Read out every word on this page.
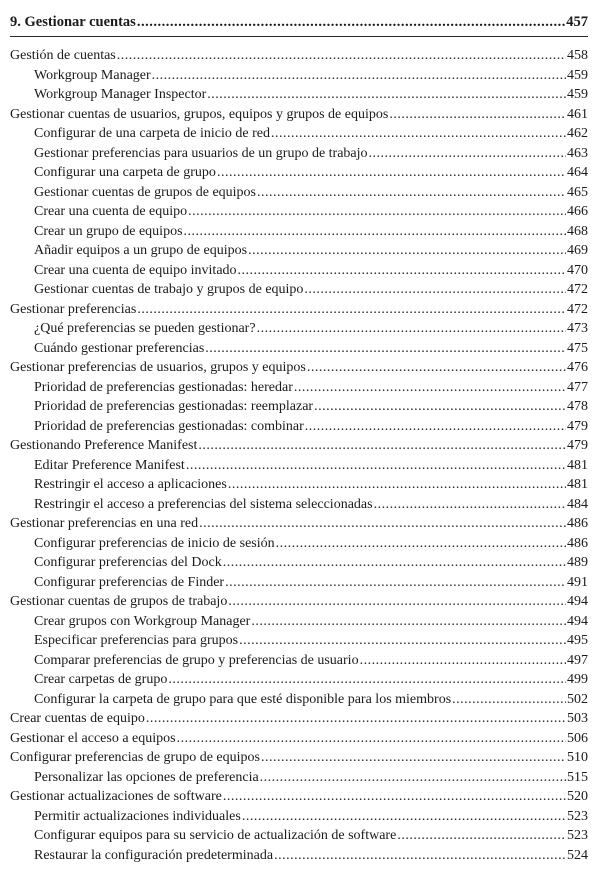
9. Gestionar cuentas .....	457
Gestión de cuentas .....	458
Workgroup Manager .....	459
Workgroup Manager Inspector .....	459
Gestionar cuentas de usuarios, grupos, equipos y grupos de equipos .....	461
Configurar de una carpeta de inicio de red .....	462
Gestionar preferencias para usuarios de un grupo de trabajo .....	463
Configurar una carpeta de grupo .....	464
Gestionar cuentas de grupos de equipos .....	465
Crear una cuenta de equipo .....	466
Crear un grupo de equipos .....	468
Añadir equipos a un grupo de equipos .....	469
Crear una cuenta de equipo invitado .....	470
Gestionar cuentas de trabajo y grupos de equipo .....	472
Gestionar preferencias .....	472
¿Qué preferencias se pueden gestionar? .....	473
Cuándo gestionar preferencias .....	475
Gestionar preferencias de usuarios, grupos y equipos .....	476
Prioridad de preferencias gestionadas: heredar .....	477
Prioridad de preferencias gestionadas: reemplazar .....	478
Prioridad de preferencias gestionadas: combinar .....	479
Gestionando Preference Manifest .....	479
Editar Preference Manifest .....	481
Restringir el acceso a aplicaciones .....	481
Restringir el acceso a preferencias del sistema seleccionadas .....	484
Gestionar preferencias en una red .....	486
Configurar preferencias de inicio de sesión .....	486
Configurar preferencias del Dock .....	489
Configurar preferencias de Finder .....	491
Gestionar cuentas de grupos de trabajo .....	494
Crear grupos con Workgroup Manager .....	494
Especificar preferencias para grupos .....	495
Comparar preferencias de grupo y preferencias de usuario .....	497
Crear carpetas de grupo .....	499
Configurar la carpeta de grupo para que esté disponible para los miembros .....	502
Crear cuentas de equipo .....	503
Gestionar el acceso a equipos .....	506
Configurar preferencias de grupo de equipos .....	510
Personalizar las opciones de preferencia .....	515
Gestionar actualizaciones de software .....	520
Permitir actualizaciones individuales .....	523
Configurar equipos para su servicio de actualización de software .....	523
Restaurar la configuración predeterminada .....	524
